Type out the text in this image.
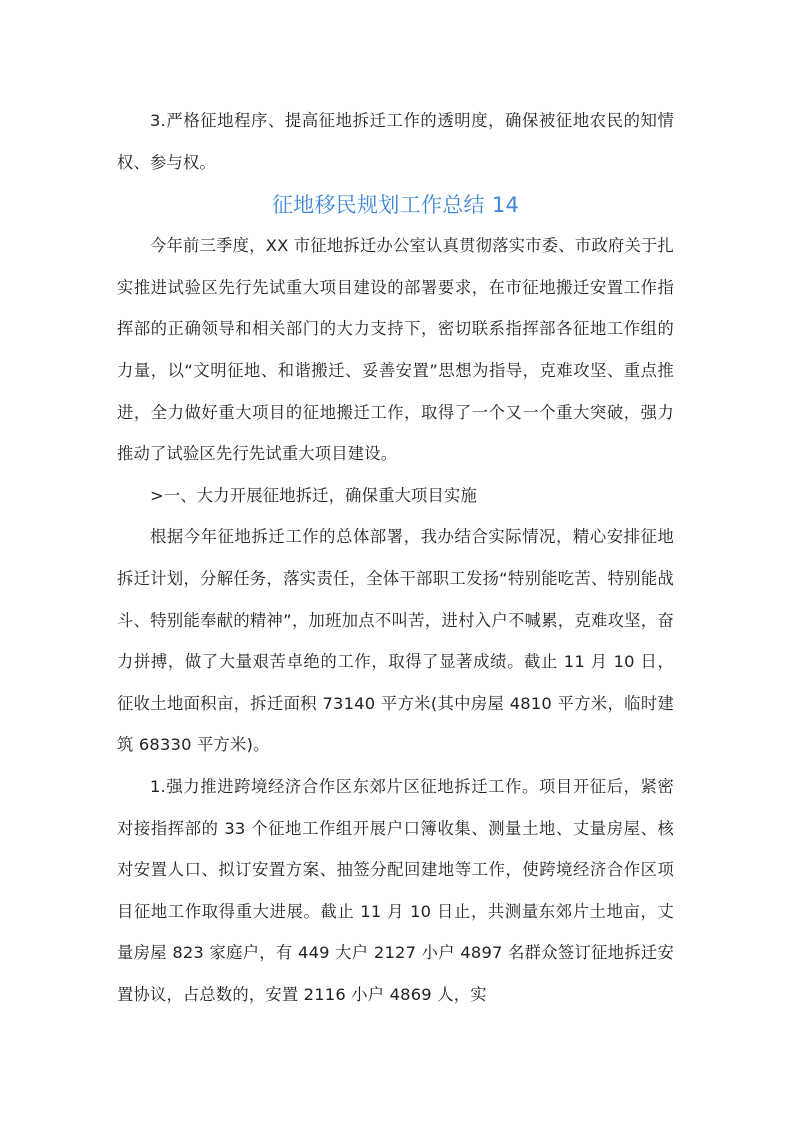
3.严格征地程序、提高征地拆迁工作的透明度，确保被征地农民的知情权、参与权。

征地移民规划工作总结 14

今年前三季度，XX 市征地拆迁办公室认真贯彻落实市委、市政府关于扎实推进试验区先行先试重大项目建设的部署要求，在市征地搬迁安置工作指挥部的正确领导和相关部门的大力支持下，密切联系指挥部各征地工作组的力量，以“文明征地、和谐搬迁、妥善安置”思想为指导，克难攻坚、重点推进，全力做好重大项目的征地搬迁工作，取得了一个又一个重大突破，强力推动了试验区先行先试重大项目建设。

>一、大力开展征地拆迁，确保重大项目实施

根据今年征地拆迁工作的总体部署，我办结合实际情况，精心安排征地拆迁计划，分解任务，落实责任，全体干部职工发扬“特别能吃苦、特别能战斗、特别能奉献的精神”，加班加点不叫苦，进村入户不喊累，克难攻坚，奋力拼搏，做了大量艰苦卓绝的工作，取得了显著成绩。截止 11 月 10 日，征收土地面积亩，拆迁面积 73140 平方米(其中房屋 4810 平方米，临时建筑 68330 平方米)。

1.强力推进跨境经济合作区东郊片区征地拆迁工作。项目开征后，紧密对接指挥部的 33 个征地工作组开展户口簿收集、测量土地、丈量房屋、核对安置人口、拟订安置方案、抽签分配回建地等工作，使跨境经济合作区项目征地工作取得重大进展。截止 11 月 10 日止，共测量东郊片土地亩，丈量房屋 823 家庭户，有 449 大户 2127 小户 4897 名群众签订征地拆迁安置协议，占总数的，安置 2116 小户 4869 人，实
